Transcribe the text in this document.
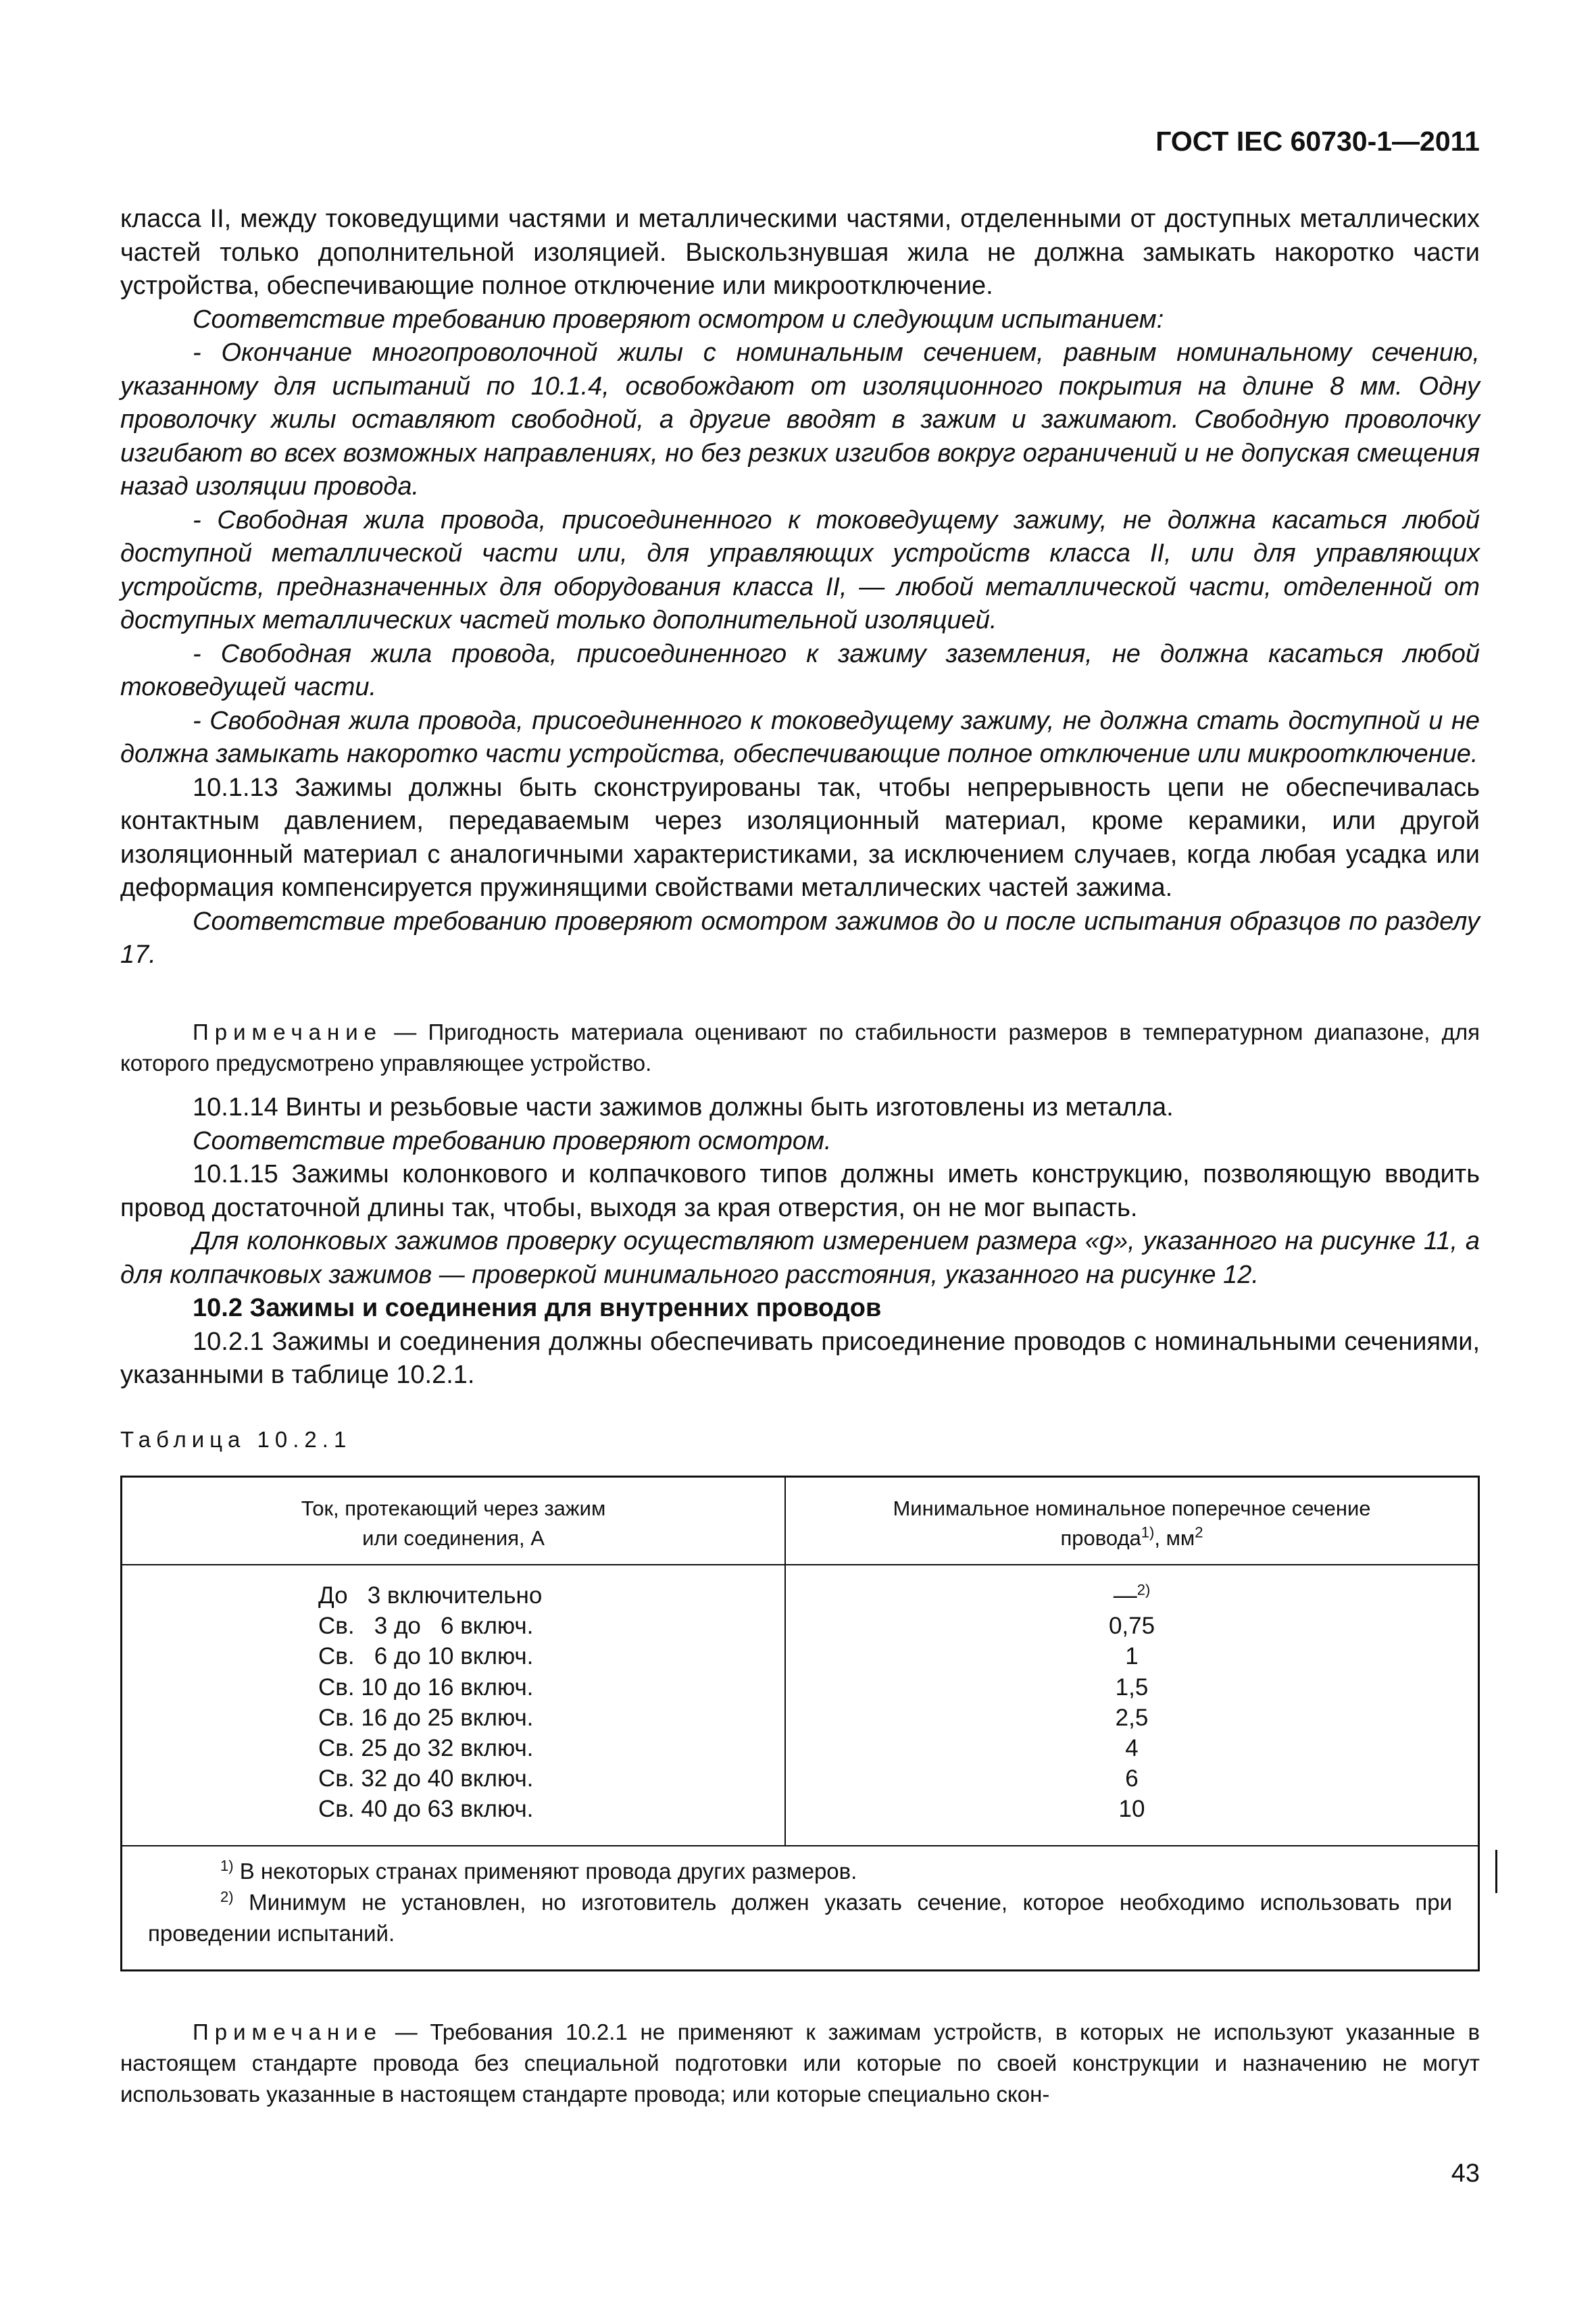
ГОСТ IEC 60730-1—2011

класса II, между токоведущими частями и металлическими частями, отделенными от доступных металлических частей только дополнительной изоляцией. Выскользнувшая жила не должна замыкать накоротко части устройства, обеспечивающие полное отключение или микроотключение.

Соответствие требованию проверяют осмотром и следующим испытанием:

- Окончание многопроволочной жилы с номинальным сечением, равным номинальному сечению, указанному для испытаний по 10.1.4, освобождают от изоляционного покрытия на длине 8 мм. Одну проволочку жилы оставляют свободной, а другие вводят в зажим и зажимают. Свободную проволочку изгибают во всех возможных направлениях, но без резких изгибов вокруг ограничений и не допуская смещения назад изоляции провода.

- Свободная жила провода, присоединенного к токоведущему зажиму, не должна касаться любой доступной металлической части или, для управляющих устройств класса II, или для управляющих устройств, предназначенных для оборудования класса II, — любой металлической части, отделенной от доступных металлических частей только дополнительной изоляцией.

- Свободная жила провода, присоединенного к зажиму заземления, не должна касаться любой токоведущей части.

- Свободная жила провода, присоединенного к токоведущему зажиму, не должна стать доступной и не должна замыкать накоротко части устройства, обеспечивающие полное отключение или микроотключение.

10.1.13 Зажимы должны быть сконструированы так, чтобы непрерывность цепи не обеспечивалась контактным давлением, передаваемым через изоляционный материал, кроме керамики, или другой изоляционный материал с аналогичными характеристиками, за исключением случаев, когда любая усадка или деформация компенсируется пружинящими свойствами металлических частей зажима.

Соответствие требованию проверяют осмотром зажимов до и после испытания образцов по разделу 17.

Примечание — Пригодность материала оценивают по стабильности размеров в температурном диапазоне, для которого предусмотрено управляющее устройство.

10.1.14 Винты и резьбовые части зажимов должны быть изготовлены из металла.

Соответствие требованию проверяют осмотром.

10.1.15 Зажимы колонкового и колпачкового типов должны иметь конструкцию, позволяющую вводить провод достаточной длины так, чтобы, выходя за края отверстия, он не мог выпасть.

Для колонковых зажимов проверку осуществляют измерением размера «g», указанного на рисунке 11, а для колпачковых зажимов — проверкой минимального расстояния, указанного на рисунке 12.

10.2 Зажимы и соединения для внутренних проводов

10.2.1 Зажимы и соединения должны обеспечивать присоединение проводов с номинальными сечениями, указанными в таблице 10.2.1.

Таблица 10.2.1
Ток, протекающий через зажим
или соединения, А
Минимальное номинальное поперечное сечение
провода$^{1)}$, $мм^2$
До   3 включительно
Св.   3 до   6 включ.
Св.   6 до 10 включ.
Св. 10 до 16 включ.
Св. 16 до 25 включ.
Св. 25 до 32 включ.
Св. 32 до 40 включ.
Св. 40 до 63 включ.
—$^{2)}$
0,75
1
1,5
2,5
4
6
10

$^{1)}$ В некоторых странах применяют провода других размеров.

$^{2)}$ Минимум не установлен, но изготовитель должен указать сечение, которое необходимо использовать при проведении испытаний.

Примечание — Требования 10.2.1 не применяют к зажимам устройств, в которых не используют указанные в настоящем стандарте провода без специальной подготовки или которые по своей конструкции и назначению не могут использовать указанные в настоящем стандарте провода; или которые специально скон-

43
